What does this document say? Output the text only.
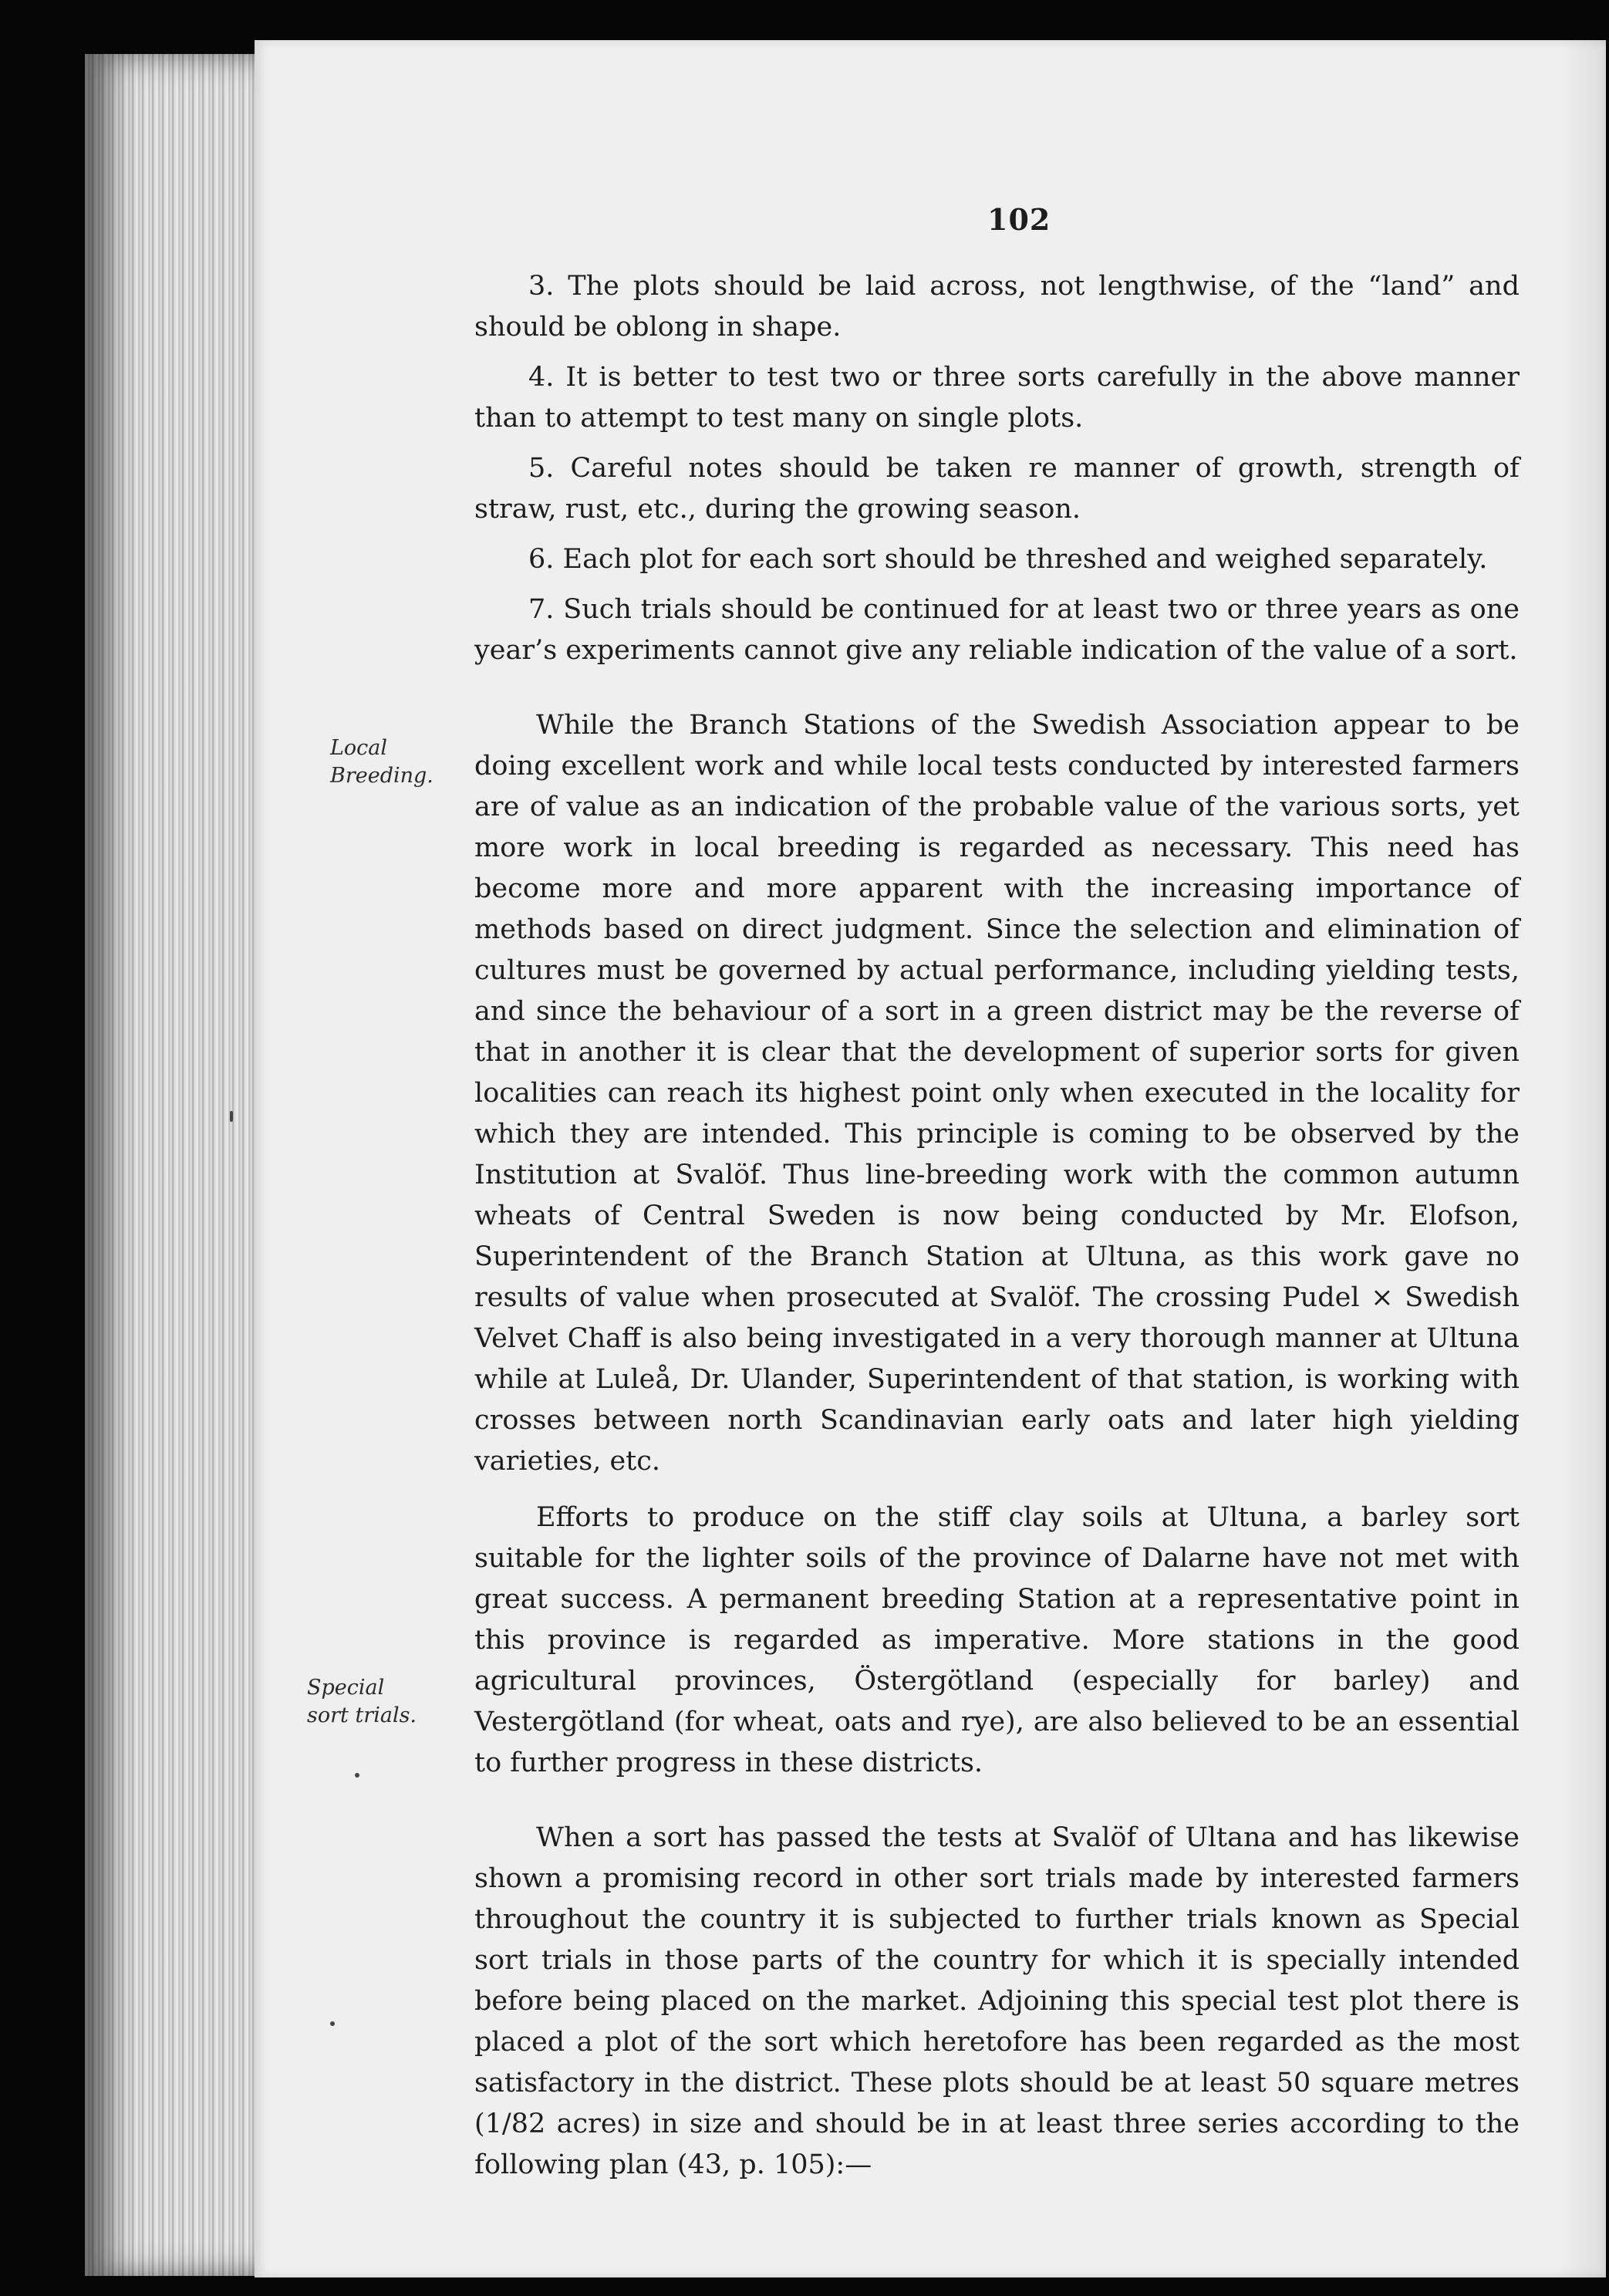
102

3. The plots should be laid across, not lengthwise, of the “land” and should be oblong in shape.

4. It is better to test two or three sorts carefully in the above manner than to attempt to test many on single plots.

5. Careful notes should be taken re manner of growth, strength of straw, rust, etc., during the growing season.

6. Each plot for each sort should be threshed and weighed separately.

7. Such trials should be continued for at least two or three years as one year’s experiments cannot give any reliable indication of the value of a sort.

While the Branch Stations of the Swedish Association appear to be doing excellent work and while local tests conducted by interested farmers are of value as an indication of the probable value of the various sorts, yet more work in local breeding is regarded as necessary. This need has become more and more apparent with the increasing importance of methods based on direct judgment. Since the selection and elimination of cultures must be governed by actual performance, including yielding tests, and since the behaviour of a sort in a green district may be the reverse of that in another it is clear that the development of superior sorts for given localities can reach its highest point only when executed in the locality for which they are intended. This principle is coming to be observed by the Institution at Svalöf. Thus line-breeding work with the common autumn wheats of Central Sweden is now being conducted by Mr. Elofson, Superintendent of the Branch Station at Ultuna, as this work gave no results of value when prosecuted at Svalöf. The crossing Pudel × Swedish Velvet Chaff is also being investigated in a very thorough manner at Ultuna while at Luleå, Dr. Ulander, Superintendent of that station, is working with crosses between north Scandinavian early oats and later high yielding varieties, etc.

Efforts to produce on the stiff clay soils at Ultuna, a barley sort suitable for the lighter soils of the province of Dalarne have not met with great success. A permanent breeding Station at a representative point in this province is regarded as imperative. More stations in the good agricultural provinces, Östergötland (especially for barley) and Vestergötland (for wheat, oats and rye), are also believed to be an essential to further progress in these districts.

When a sort has passed the tests at Svalöf of Ultana and has likewise shown a promising record in other sort trials made by interested farmers throughout the country it is subjected to further trials known as Special sort trials in those parts of the country for which it is specially intended before being placed on the market. Adjoining this special test plot there is placed a plot of the sort which heretofore has been regarded as the most satisfactory in the district. These plots should be at least 50 square metres (1/82 acres) in size and should be in at least three series according to the following plan (43, p. 105):—

Local Breeding.
Special sort trials.
